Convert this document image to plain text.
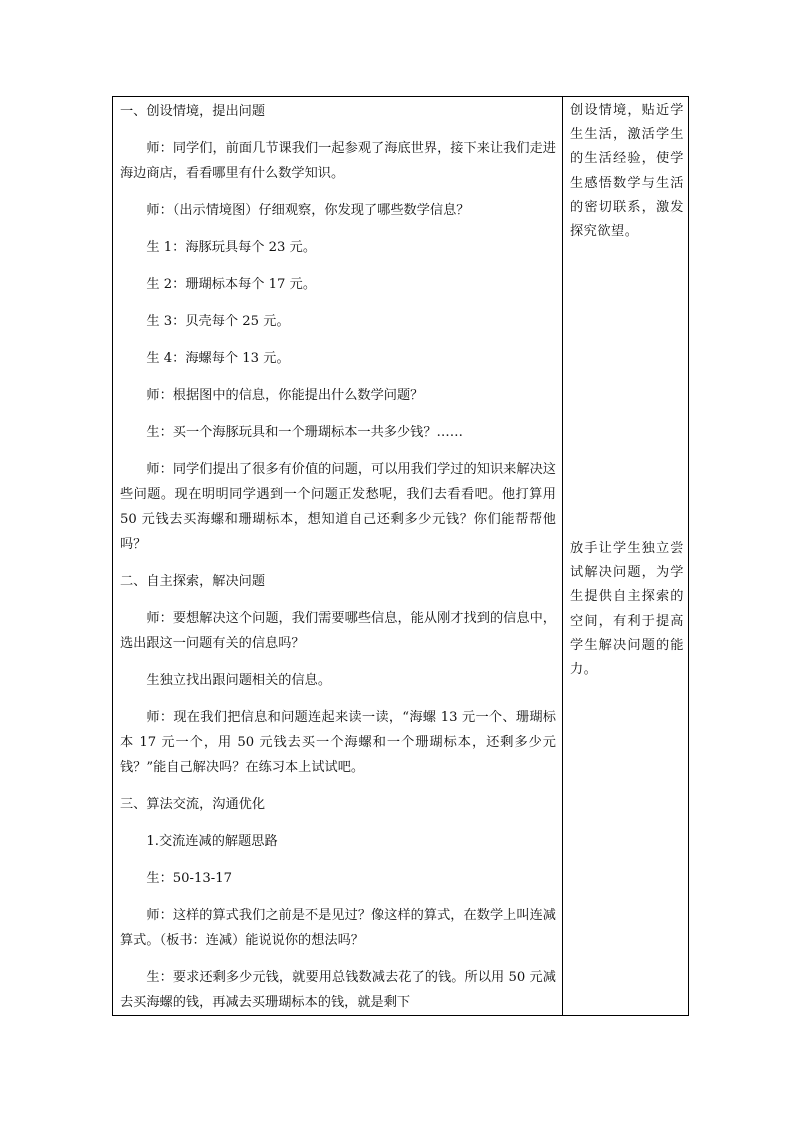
一、创设情境，提出问题

师：同学们，前面几节课我们一起参观了海底世界，接下来让我们走进海边商店，看看哪里有什么数学知识。

师：（出示情境图）仔细观察，你发现了哪些数学信息？

生 1：海豚玩具每个 23 元。

生 2：珊瑚标本每个 17 元。

生 3：贝壳每个 25 元。

生 4：海螺每个 13 元。

师：根据图中的信息，你能提出什么数学问题？

生：买一个海豚玩具和一个珊瑚标本一共多少钱？……

师：同学们提出了很多有价值的问题，可以用我们学过的知识来解决这些问题。现在明明同学遇到一个问题正发愁呢，我们去看看吧。他打算用 50 元钱去买海螺和珊瑚标本，想知道自己还剩多少元钱？你们能帮帮他吗？

二、自主探索，解决问题

师：要想解决这个问题，我们需要哪些信息，能从刚才找到的信息中，选出跟这一问题有关的信息吗？

生独立找出跟问题相关的信息。

师：现在我们把信息和问题连起来读一读，“海螺 13 元一个、珊瑚标本 17 元一个，用 50 元钱去买一个海螺和一个珊瑚标本，还剩多少元钱？”能自己解决吗？在练习本上试试吧。

三、算法交流，沟通优化

1.交流连减的解题思路

生：50-13-17

师：这样的算式我们之前是不是见过？像这样的算式，在数学上叫连减算式。（板书：连减）能说说你的想法吗？

生：要求还剩多少元钱，就要用总钱数减去花了的钱。所以用 50 元减去买海螺的钱，再减去买珊瑚标本的钱，就是剩下

创设情境，贴近学生生活，激活学生的生活经验，使学生感悟数学与生活的密切联系，激发探究欲望。

放手让学生独立尝试解决问题，为学生提供自主探索的空间，有利于提高学生解决问题的能力。
